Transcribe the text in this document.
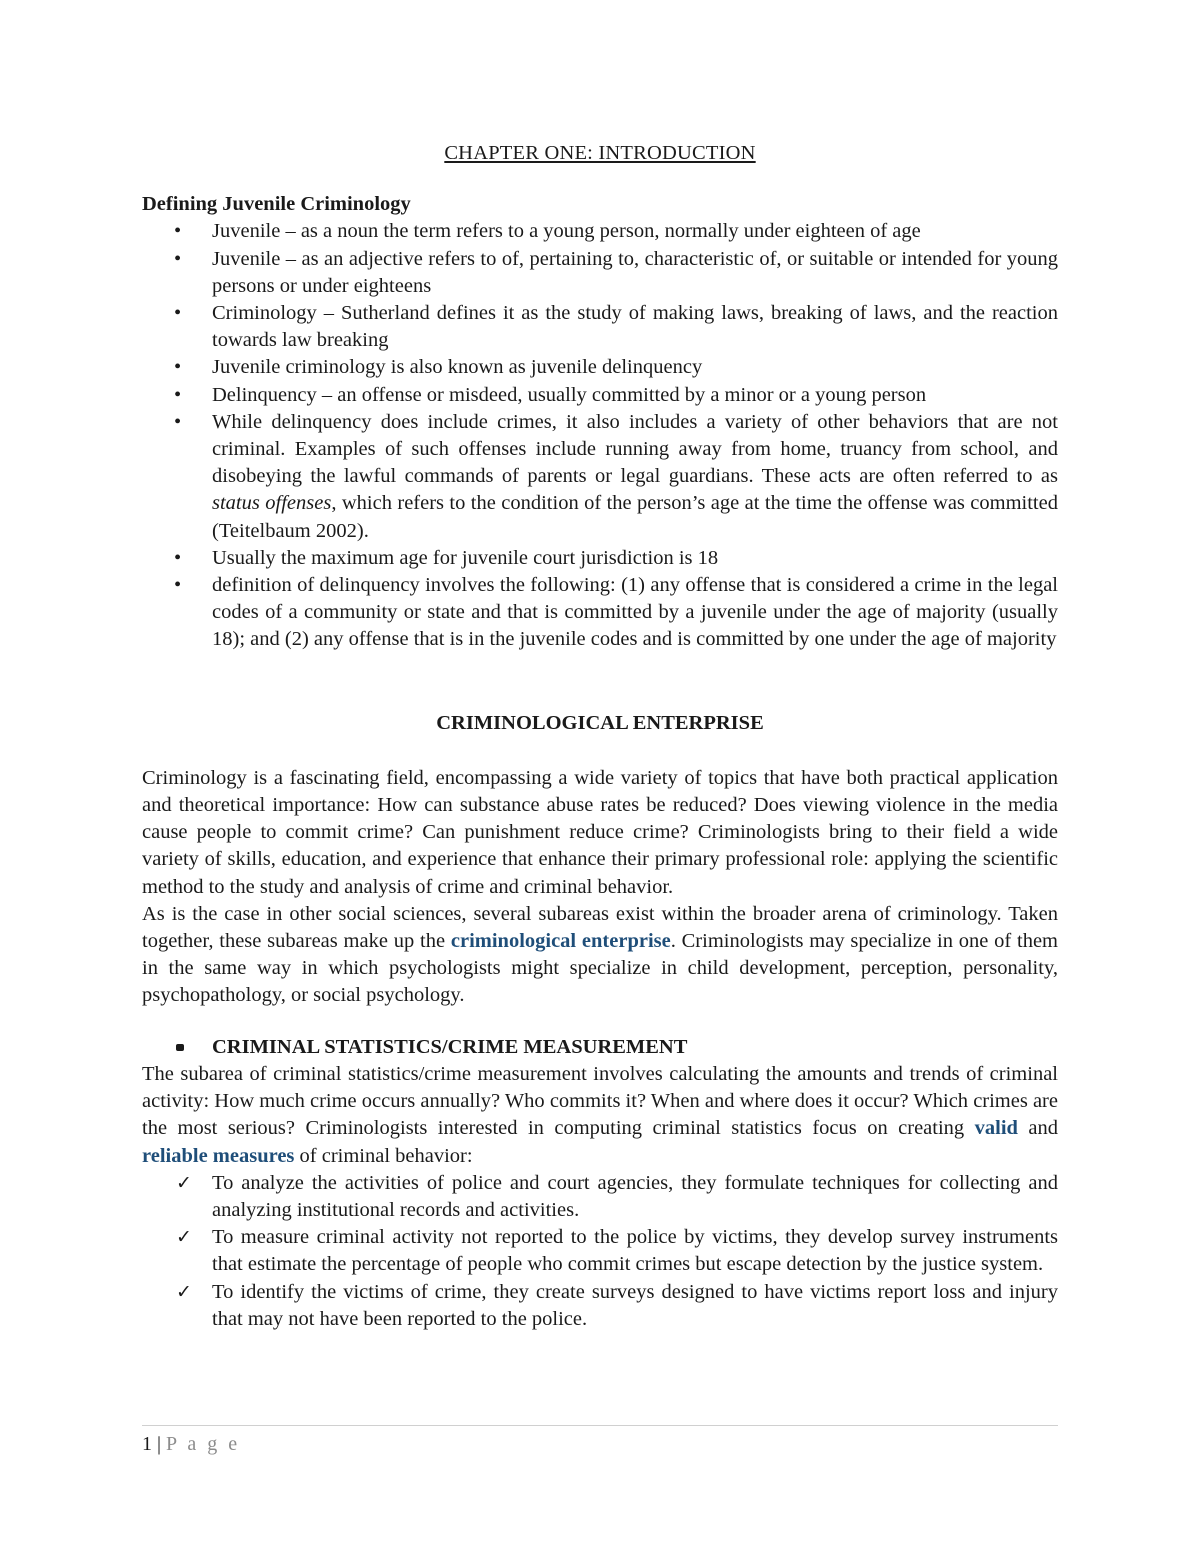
CHAPTER ONE: INTRODUCTION
Defining Juvenile Criminology
• Juvenile – as a noun the term refers to a young person, normally under eighteen of age
• Juvenile – as an adjective refers to of, pertaining to, characteristic of, or suitable or intended for young persons or under eighteens
• Criminology – Sutherland defines it as the study of making laws, breaking of laws, and the reaction towards law breaking
• Juvenile criminology is also known as juvenile delinquency
• Delinquency – an offense or misdeed, usually committed by a minor or a young person
• While delinquency does include crimes, it also includes a variety of other behaviors that are not criminal. Examples of such offenses include running away from home, truancy from school, and disobeying the lawful commands of parents or legal guardians. These acts are often referred to as status offenses, which refers to the condition of the person’s age at the time the offense was committed (Teitelbaum 2002).
• Usually the maximum age for juvenile court jurisdiction is 18
• definition of delinquency involves the following: (1) any offense that is considered a crime in the legal codes of a community or state and that is committed by a juvenile under the age of majority (usually 18); and (2) any offense that is in the juvenile codes and is committed by one under the age of majority
CRIMINOLOGICAL ENTERPRISE

Criminology is a fascinating field, encompassing a wide variety of topics that have both practical application and theoretical importance: How can substance abuse rates be reduced? Does viewing violence in the media cause people to commit crime? Can punishment reduce crime? Criminologists bring to their field a wide variety of skills, education, and experience that enhance their primary professional role: applying the scientific method to the study and analysis of crime and criminal behavior.

As is the case in other social sciences, several subareas exist within the broader arena of criminology. Taken together, these subareas make up the criminological enterprise. Criminologists may specialize in one of them in the same way in which psychologists might specialize in child development, perception, personality, psychopathology, or social psychology.

CRIMINAL STATISTICS/CRIME MEASUREMENT

The subarea of criminal statistics/crime measurement involves calculating the amounts and trends of criminal activity: How much crime occurs annually? Who commits it? When and where does it occur? Which crimes are the most serious? Criminologists interested in computing criminal statistics focus on creating valid and reliable measures of criminal behavior:

✓ To analyze the activities of police and court agencies, they formulate techniques for collecting and analyzing institutional records and activities.
✓ To measure criminal activity not reported to the police by victims, they develop survey instruments that estimate the percentage of people who commit crimes but escape detection by the justice system.
✓ To identify the victims of crime, they create surveys designed to have victims report loss and injury that may not have been reported to the police.
1 | P a g e
